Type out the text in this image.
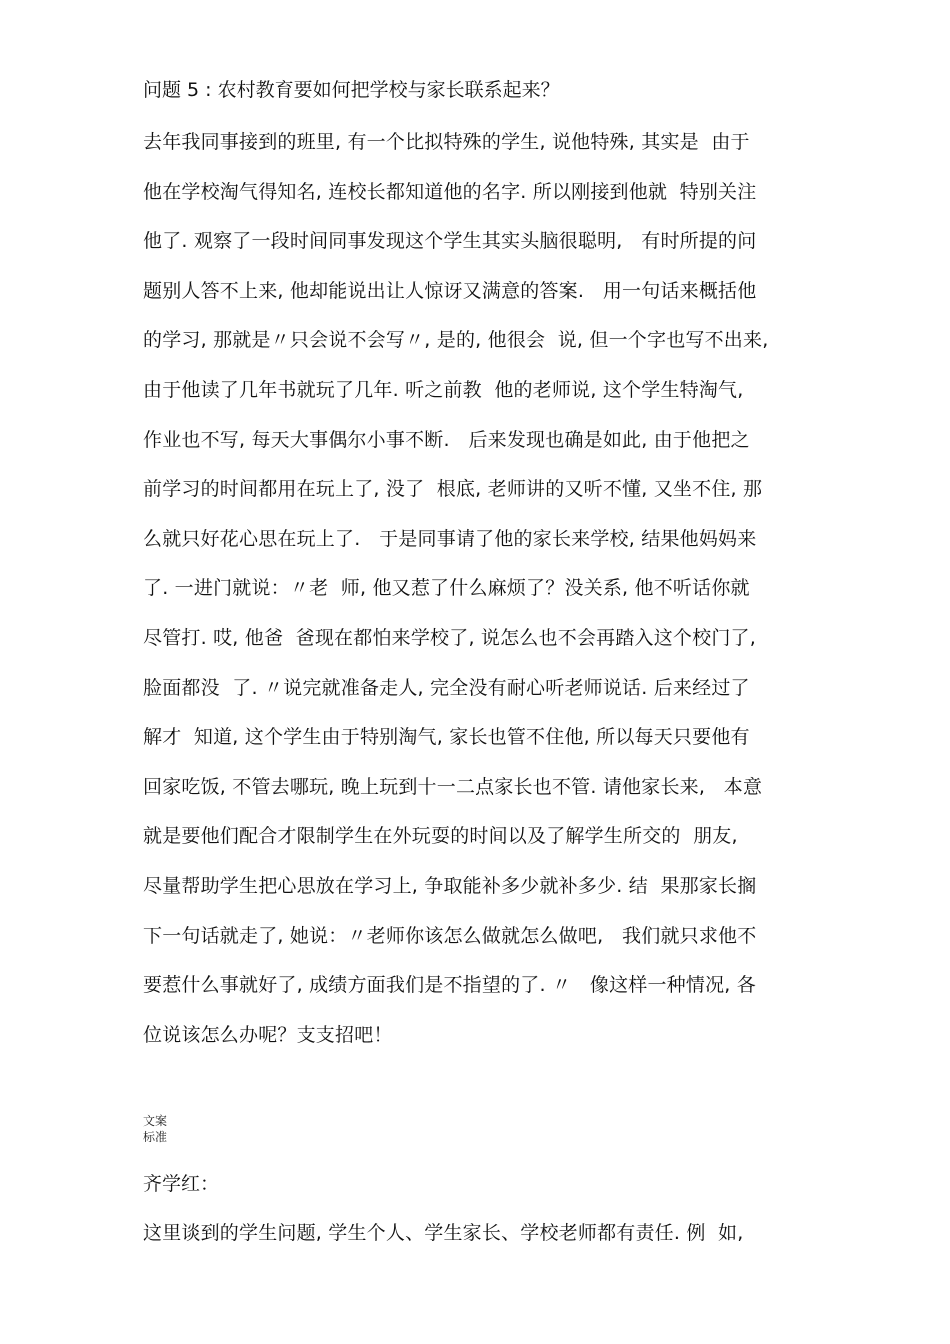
问题 5 : 农村教育要如何把学校与家长联系起来？
去年我同事接到的班里, 有一个比拟特殊的学生, 说他特殊, 其实是  由于
他在学校淘气得知名, 连校长都知道他的名字. 所以刚接到他就  特别关注
他了. 观察了一段时间同事发现这个学生其实头脑很聪明,   有时所提的问
题别人答不上来, 他却能说出让人惊讶又满意的答案.   用一句话来概括他
的学习, 那就是〃只会说不会写〃, 是的, 他很会  说, 但一个字也写不出来,
由于他读了几年书就玩了几年. 听之前教  他的老师说, 这个学生特淘气,
作业也不写, 每天大事偶尔小事不断.   后来发现也确是如此, 由于他把之
前学习的时间都用在玩上了, 没了  根底, 老师讲的又听不懂, 又坐不住, 那
么就只好花心思在玩上了.   于是同事请了他的家长来学校, 结果他妈妈来
了. 一进门就说：〃老  师, 他又惹了什么麻烦了？没关系, 他不听话你就
尽管打. 哎, 他爸  爸现在都怕来学校了, 说怎么也不会再踏入这个校门了,
脸面都没  了. 〃说完就准备走人, 完全没有耐心听老师说话. 后来经过了
解才  知道, 这个学生由于特别淘气, 家长也管不住他, 所以每天只要他有
回家吃饭, 不管去哪玩, 晚上玩到十一二点家长也不管. 请他家长来,   本意
就是要他们配合才限制学生在外玩耍的时间以及了解学生所交的  朋友,
尽量帮助学生把心思放在学习上, 争取能补多少就补多少. 结  果那家长搁
下一句话就走了, 她说：〃老师你该怎么做就怎么做吧,   我们就只求他不
要惹什么事就好了, 成绩方面我们是不指望的了. 〃   像这样一种情况, 各
位说该怎么办呢？支支招吧！
文案
标准
齐学红：
这里谈到的学生问题, 学生个人、学生家长、学校老师都有责任. 例  如,
